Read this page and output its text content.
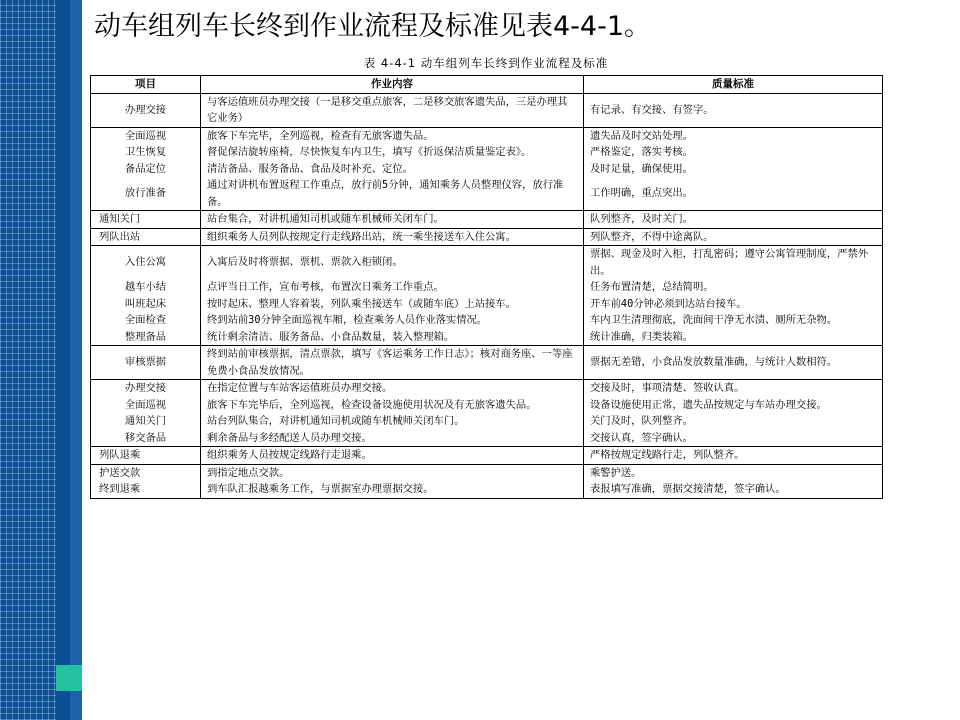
动车组列车长终到作业流程及标准见表4-4-1。
表 4-4-1 动车组列车长终到作业流程及标准
项目	作业内容	质量标准
办理交接	与客运值班员办理交接（一是移交重点旅客，二是移交旅客遗失品，三是办理其它业务）	有记录、有交接、有签字。
全面巡视	旅客下车完毕，全列巡视，检查有无旅客遗失品。	遗失品及时交站处理。
卫生恢复	督促保洁旋转座椅，尽快恢复车内卫生，填写《折返保洁质量鉴定表》。	严格鉴定，落实考核。
备品定位	清洁备品、服务备品、食品及时补充、定位。	及时足量，确保使用。
放行准备	通过对讲机布置返程工作重点，放行前5分钟，通知乘务人员整理仪容，放行准备。	工作明确，重点突出。
通知关门	站台集合，对讲机通知司机或随车机械师关闭车门。	队列整齐，及时关门。
列队出站	组织乘务人员列队按规定行走线路出站，统一乘坐接送车入住公寓。	列队整齐，不得中途离队。
入住公寓	入寓后及时将票据、票机、票款入柜锁闭。	票据、现金及时入柜，打乱密码；遵守公寓管理制度，严禁外出。
越车小结	点评当日工作，宣布考核，布置次日乘务工作重点。	任务布置清楚，总结简明。
叫班起床	按时起床、整理人容着装，列队乘坐接送车（或随车底）上站接车。	开车前40分钟必须到达站台接车。
全面检查	终到站前30分钟全面巡视车厢，检查乘务人员作业落实情况。	车内卫生清理彻底，洗面间干净无水渍、厕所无杂物。
整理备品	统计剩余清洁、服务备品、小食品数量，装入整理箱。	统计准确，归类装箱。
审核票据	终到站前审核票据，清点票款，填写《客运乘务工作日志》；核对商务座、一等座免费小食品发放情况。	票据无差错，小食品发放数量准确，与统计人数相符。
办理交接	在指定位置与车站客运值班员办理交接。	交接及时，事项清楚、签收认真。
全面巡视	旅客下车完毕后，全列巡视，检查设备设施使用状况及有无旅客遗失品。	设备设施使用正常，遗失品按规定与车站办理交接。
通知关门	站台列队集合，对讲机通知司机或随车机械师关闭车门。	关门及时，队列整齐。
移交备品	剩余备品与多经配送人员办理交接。	交接认真，签字确认。
列队退乘	组织乘务人员按规定线路行走退乘。	严格按规定线路行走，列队整齐。
护送交款	到指定地点交款。	乘警护送。
终到退乘	到车队汇报越乘务工作，与票据室办理票据交接。	表报填写准确，票据交接清楚，签字确认。
